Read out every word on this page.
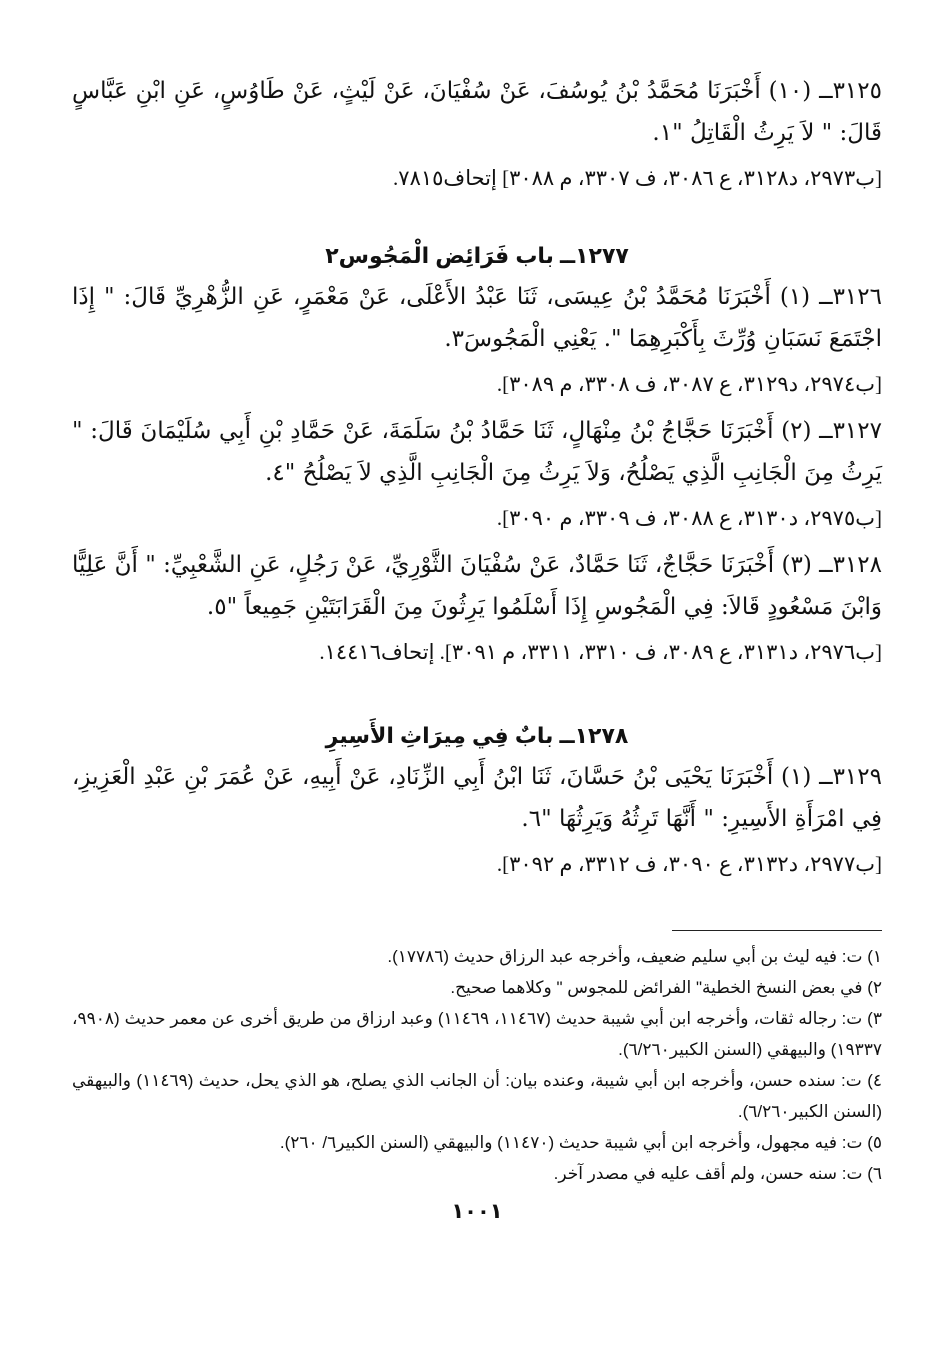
٣١٢٥ــ (١٠) أَخْبَرَنَا مُحَمَّدُ بْنُ يُوسُفَ، عَنْ سُفْيَانَ، عَنْ لَيْثٍ، عَنْ طَاوُسٍ، عَنِ ابْنِ عَبَّاسٍ قَالَ: " لاَ يَرِثُ الْقَاتِلُ "١.

[ب٢٩٧٣، د٣١٢٨، ع ٣٠٨٦، ف ٣٣٠٧، م ٣٠٨٨] إتحاف٧٨١٥.

١٢٧٧ــ باب فَرَائِض الْمَجُوس٢

٣١٢٦ــ (١) أَخْبَرَنَا مُحَمَّدُ بْنُ عِيسَى، ثَنَا عَبْدُ الأَعْلَى، عَنْ مَعْمَرٍ، عَنِ الزُّهْرِيِّ قَالَ: " إِذَا اجْتَمَعَ نَسَبَانِ وُرِّثَ بِأَكْبَرِهِمَا ". يَعْنِي الْمَجُوسَ٣.

[ب٢٩٧٤، د٣١٢٩، ع ٣٠٨٧، ف ٣٣٠٨، م ٣٠٨٩].

٣١٢٧ــ (٢) أَخْبَرَنَا حَجَّاجُ بْنُ مِنْهَالٍ، ثَنَا حَمَّادُ بْنُ سَلَمَةَ، عَنْ حَمَّادِ بْنِ أَبِي سُلَيْمَانَ قَالَ: " يَرِثُ مِنَ الْجَانِبِ الَّذِي يَصْلُحُ، وَلاَ يَرِثُ مِنَ الْجَانِبِ الَّذِي لاَ يَصْلُحُ "٤.

[ب٢٩٧٥، د٣١٣٠، ع ٣٠٨٨، ف ٣٣٠٩، م ٣٠٩٠].

٣١٢٨ــ (٣) أَخْبَرَنَا حَجَّاجٌ، ثَنَا حَمَّادٌ، عَنْ سُفْيَانَ الثَّوْرِيِّ، عَنْ رَجُلٍ، عَنِ الشَّعْبِيِّ: " أَنَّ عَلِيًّا وَابْنَ مَسْعُودٍ قَالاَ: فِي الْمَجُوسِ إِذَا أَسْلَمُوا يَرِثُونَ مِنَ الْقَرَابَتَيْنِ جَمِيعاً "٥.

[ب٢٩٧٦، د٣١٣١، ع ٣٠٨٩، ف ٣٣١٠، ٣٣١١، م ٣٠٩١]. إتحاف١٤٤١٦.

١٢٧٨ــ بابٌ فِي مِيرَاثِ الأَسِيرِ

٣١٢٩ــ (١) أَخْبَرَنَا يَحْيَى بْنُ حَسَّانَ، ثَنَا ابْنُ أَبِي الزِّنَادِ، عَنْ أَبِيهِ، عَنْ عُمَرَ بْنِ عَبْدِ الْعَزِيزِ، فِي امْرَأَةِ الأَسِيرِ: " أَنَّهَا تَرِثُهُ وَيَرِثُهَا "٦.

[ب٢٩٧٧، د٣١٣٢، ع ٣٠٩٠، ف ٣٣١٢، م ٣٠٩٢].

١) ت: فيه ليث بن أبي سليم ضعيف، وأخرجه عبد الرزاق حديث (١٧٧٨٦).

٢) في بعض النسخ الخطية" الفرائض للمجوس " وكلاهما صحيح.

٣) ت: رجاله ثقات، وأخرجه ابن أبي شيبة حديث (١١٤٦٧، ١١٤٦٩) وعبد ارزاق من طريق أخرى عن معمر حديث (٩٩٠٨، ١٩٣٣٧) والبيهقي (السنن الكبير٦/٢٦٠).

٤) ت: سنده حسن، وأخرجه ابن أبي شيبة، وعنده بيان: أن الجانب الذي يصلح، هو الذي يحل، حديث (١١٤٦٩) والبيهقي (السنن الكبير٦/٢٦٠).

٥) ت: فيه مجهول، وأخرجه ابن أبي شيبة حديث (١١٤٧٠) والبيهقي (السنن الكبير٦/ ٢٦٠).

٦) ت: سنه حسن، ولم أقف عليه في مصدر آخر.

١٠٠١
